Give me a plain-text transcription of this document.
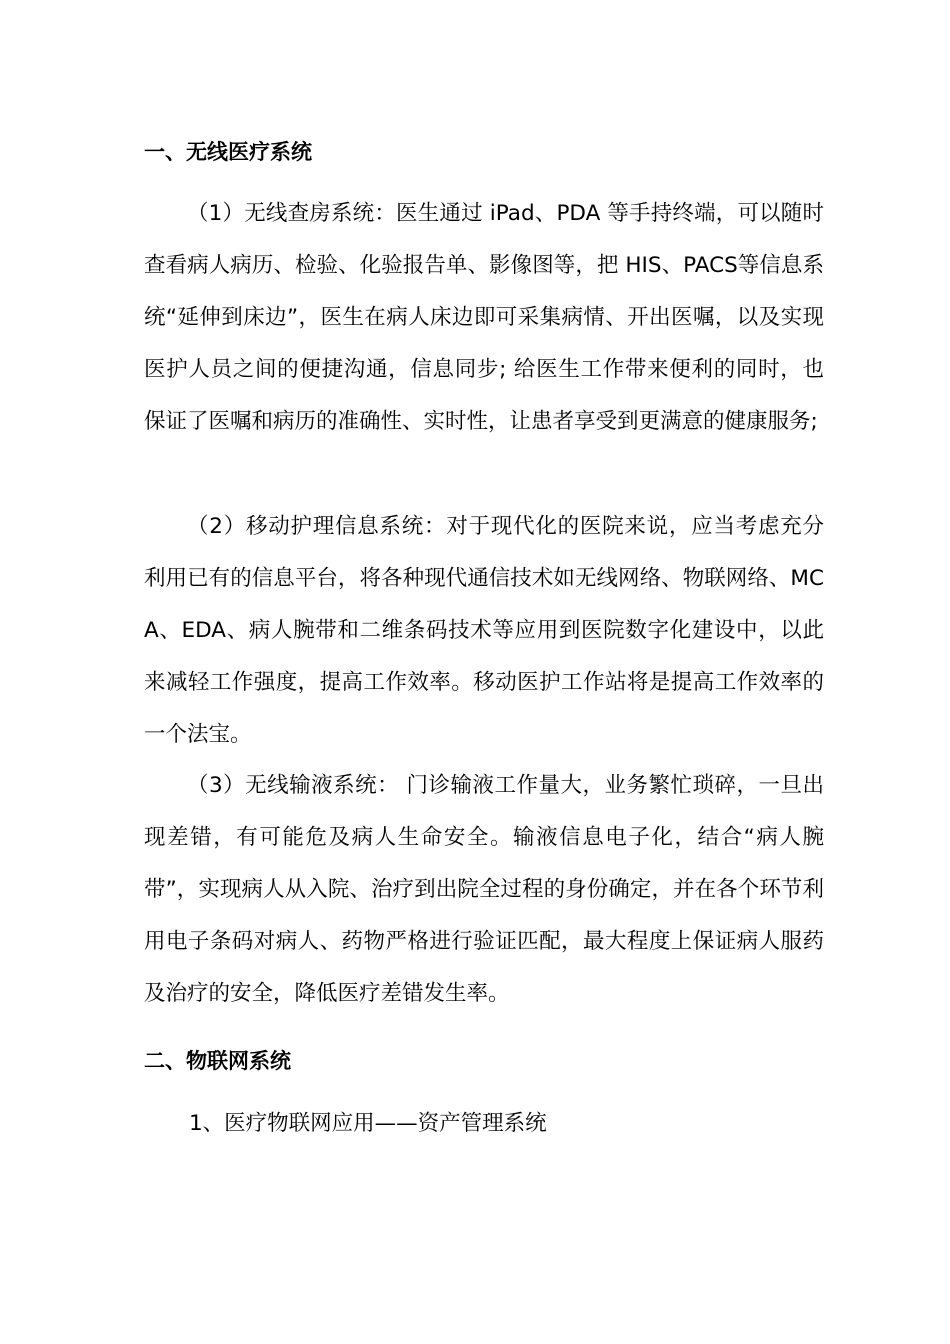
一、无线医疗系统

（1）无线查房系统：医生通过 iPad、PDA 等手持终端，可以随时查看病人病历、检验、化验报告单、影像图等，把 HIS、PACS等信息系统“延伸到床边”，医生在病人床边即可采集病情、开出医嘱，以及实现医护人员之间的便捷沟通，信息同步; 给医生工作带来便利的同时，也保证了医嘱和病历的准确性、实时性，让患者享受到更满意的健康服务;

（2）移动护理信息系统：对于现代化的医院来说，应当考虑充分利用已有的信息平台，将各种现代通信技术如无线网络、物联网络、MCA、EDA、病人腕带和二维条码技术等应用到医院数字化建设中，以此来减轻工作强度，提高工作效率。移动医护工作站将是提高工作效率的一个法宝。

（3）无线输液系统： 门诊输液工作量大，业务繁忙琐碎，一旦出现差错，有可能危及病人生命安全。输液信息电子化，结合“病人腕带”，实现病人从入院、治疗到出院全过程的身份确定，并在各个环节利用电子条码对病人、药物严格进行验证匹配，最大程度上保证病人服药及治疗的安全，降低医疗差错发生率。

二、物联网系统

1、医疗物联网应用——资产管理系统
